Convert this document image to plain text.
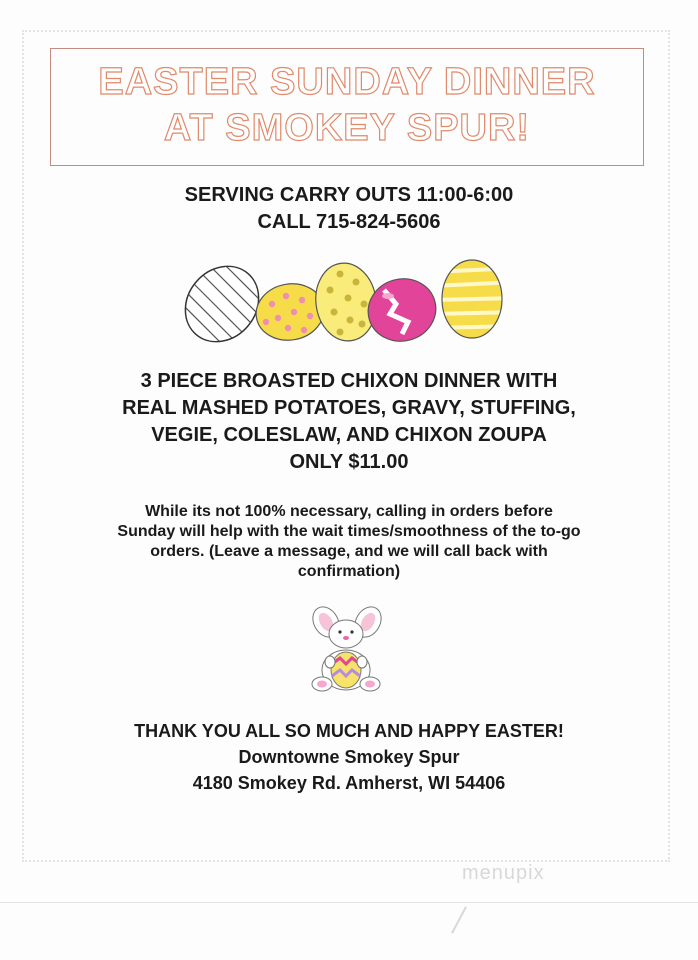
EASTER SUNDAY DINNER
AT SMOKEY SPUR!
SERVING CARRY OUTS 11:00-6:00
CALL 715-824-5606
3 PIECE BROASTED CHIXON DINNER WITH
REAL MASHED POTATOES, GRAVY, STUFFING,
VEGIE, COLESLAW, AND CHIXON ZOUPA
ONLY $11.00
While its not 100% necessary, calling in orders before
Sunday will help with the wait times/smoothness of the to-go
orders. (Leave a message, and we will call back with
confirmation)
THANK YOU ALL SO MUCH AND HAPPY EASTER!
Downtowne Smokey Spur
4180 Smokey Rd. Amherst, WI 54406
menupix
